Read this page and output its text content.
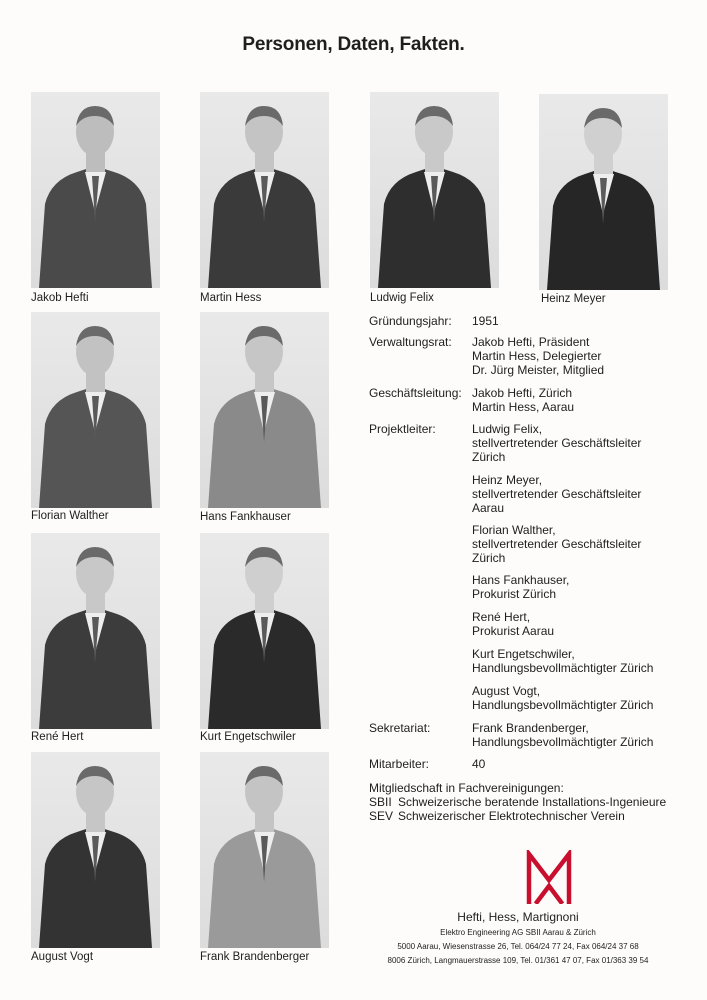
Personen, Daten, Fakten.
Jakob Hefti	Martin Hess	Ludwig Felix	Heinz Meyer
Florian Walther	Hans Fankhauser
René Hert	Kurt Engetschwiler
August Vogt	Frank Brandenberger
Gründungsjahr: 1951
Verwaltungsrat: Jakob Hefti, Präsident
Martin Hess, Delegierter
Dr. Jürg Meister, Mitglied
Geschäftsleitung: Jakob Hefti, Zürich
Martin Hess, Aarau
Projektleiter:	Ludwig Felix,
stellvertretender Geschäftsleiter
Zürich
Heinz Meyer,
stellvertretender Geschäftsleiter
Aarau
Florian Walther,
stellvertretender Geschäftsleiter
Zürich
Hans Fankhauser,
Prokurist Zürich
René Hert,
Prokurist Aarau
Kurt Engetschwiler,
Handlungsbevollmächtigter Zürich
August Vogt,
Handlungsbevollmächtigter Zürich
Sekretariat:	Frank Brandenberger,
Handlungsbevollmächtigter Zürich
Mitarbeiter:	40
Mitgliedschaft in Fachvereinigungen:
SBII Schweizerische beratende Installations-Ingenieure
SEV Schweizerischer Elektrotechnischer Verein
Hefti, Hess, Martignoni
Elektro Engineering AG SBII Aarau & Zürich
5000 Aarau, Wiesenstrasse 26, Tel. 064/24 77 24, Fax 064/24 37 68
8006 Zürich, Langmauerstrasse 109, Tel. 01/361 47 07, Fax 01/363 39 54
